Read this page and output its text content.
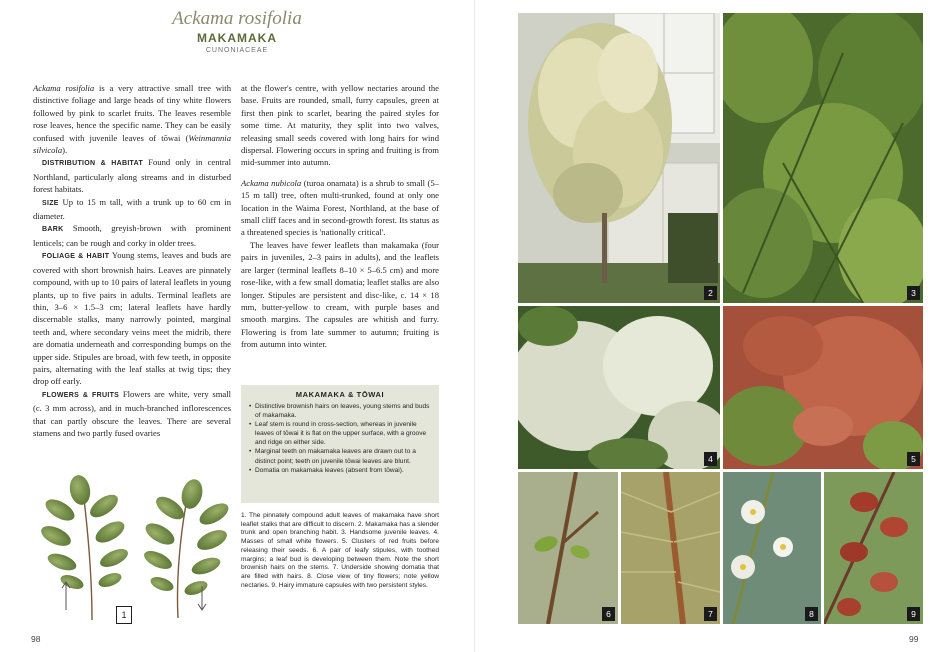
Ackama rosifolia
MAKAMAKA
CUNONIACEAE

Ackama rosifolia is a very attractive small tree with distinctive foliage and large heads of tiny white flowers followed by pink to scarlet fruits. The leaves resemble rose leaves, hence the specific name. They can be easily confused with juvenile leaves of tōwai (Weinmannia silvicola).

DISTRIBUTION & HABITAT Found only in central Northland, particularly along streams and in disturbed forest habitats.

SIZE Up to 15 m tall, with a trunk up to 60 cm in diameter.

BARK Smooth, greyish-brown with prominent lenticels; can be rough and corky in older trees.

FOLIAGE & HABIT Young stems, leaves and buds are covered with short brownish hairs. Leaves are pinnately compound, with up to 10 pairs of lateral leaflets in young plants, up to five pairs in adults. Terminal leaflets are thin, 3–6 × 1.5–3 cm; lateral leaflets have hardly discernable stalks, many narrowly pointed, marginal teeth and, where secondary veins meet the midrib, there are domatia underneath and corresponding bumps on the upper side. Stipules are broad, with few teeth, in opposite pairs, alternating with the leaf stalks at twig tips; they drop off early.

FLOWERS & FRUITS Flowers are white, very small (c. 3 mm across), and in much-branched inflorescences that can partly obscure the leaves. There are several stamens and two partly fused ovaries

at the flower's centre, with yellow nectaries around the base. Fruits are rounded, small, furry capsules, green at first then pink to scarlet, bearing the paired styles for some time. At maturity, they split into two valves, releasing small seeds covered with long hairs for wind dispersal. Flowering occurs in spring and fruiting is from mid-summer into autumn.

Ackama nubicola (turoa onamata) is a shrub to small (5–15 m tall) tree, often multi-trunked, found at only one location in the Waima Forest, Northland, at the base of small cliff faces and in second-growth forest. Its status as a threatened species is 'nationally critical'.

The leaves have fewer leaflets than makamaka (four pairs in juveniles, 2–3 pairs in adults), and the leaflets are larger (terminal leaflets 8–10 × 5–6.5 cm) and more rose-like, with a few small domatia; leaflet stalks are also longer. Stipules are persistent and disc-like, c. 14 × 18 mm, butter-yellow to cream, with purple bases and smooth margins. The capsules are whitish and furry. Flowering is from late summer to autumn; fruiting is from autumn into winter.

MAKAMAKA & TŌWAI
• Distinctive brownish hairs on leaves, young stems and buds of makamaka.
• Leaf stem is round in cross-section, whereas in juvenile leaves of tōwai it is flat on the upper surface, with a groove and ridge on either side.
• Marginal teeth on makamaka leaves are drawn out to a distinct point; teeth on juvenile tōwai leaves are blunt.
• Domatia on makamaka leaves (absent from tōwai).
1. The pinnately compound adult leaves of makamaka have short leaflet stalks that are difficult to discern. 2. Makamaka has a slender trunk and open branching habit. 3. Handsome juvenile leaves. 4. Masses of small white flowers. 5. Clusters of red fruits before releasing their seeds. 6. A pair of leafy stipules, with toothed margins; a leaf bud is developing between them. Note the short brownish hairs on the stems. 7. Underside showing domatia that are filled with hairs. 8. Close view of tiny flowers; note yellow nectaries. 9. Hairy immature capsules with two persistent styles.
1
98
2	3
4	5
6	7	8	9
99
